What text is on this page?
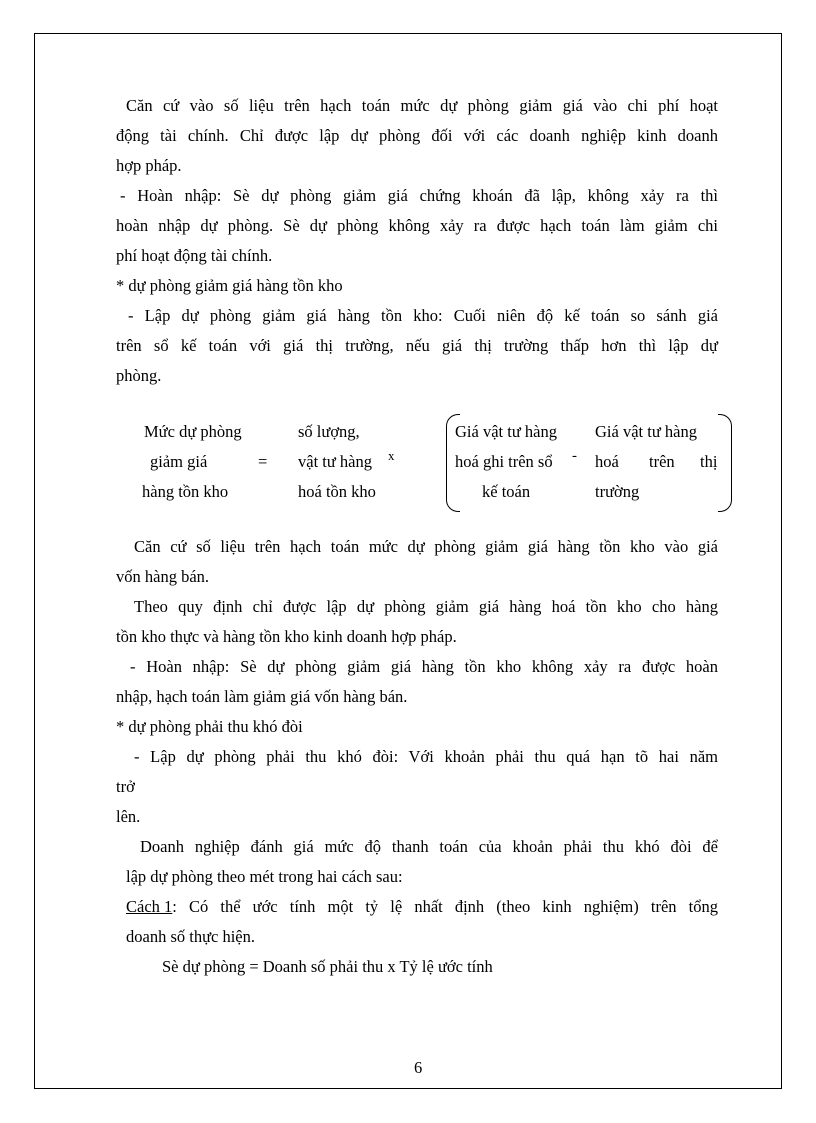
Căn cứ vào số liệu trên hạch toán mức dự phòng giảm giá vào chi phí hoạt
động tài chính. Chỉ được lập dự phòng đối với các doanh nghiệp kinh doanh
hợp pháp.
- Hoàn nhập: Sè dự phòng giảm giá chứng khoán đã lập, không xảy ra thì
hoàn nhập dự phòng. Sè dự phòng không xảy ra được hạch toán làm giảm chi
phí hoạt động tài chính.
* dự phòng giảm giá hàng tồn kho
- Lập dự phòng giảm giá hàng tồn kho: Cuối niên độ kế toán so sánh giá
trên sổ kế toán với giá thị trường, nếu giá thị trường thấp hơn thì lập dự
phòng.
Mức dự phòng
giảm giá
hàng tồn kho
=
số lượng,
vật tư hàng
hoá tồn kho
x
Giá vật tư hàng
hoá ghi trên sổ
kế toán
-
Giá vật tư hàng
hoá trên thị
trường
Căn cứ số liệu trên hạch toán mức dự phòng giảm giá hàng tồn kho vào giá
vốn hàng bán.
Theo quy định chỉ được lập dự phòng giảm giá hàng hoá tồn kho cho hàng
tồn kho thực và hàng tồn kho kinh doanh hợp pháp.
- Hoàn nhập: Sè dự phòng giảm giá hàng tồn kho không xảy ra được hoàn
nhập, hạch toán làm giảm giá vốn hàng bán.
* dự phòng phải thu khó đòi
- Lập dự phòng phải thu khó đòi: Với khoản phải thu quá hạn tõ hai năm
trở
lên.
Doanh nghiệp đánh giá mức độ thanh toán của khoản phải thu khó đòi để
lập dự phòng theo mét trong hai cách sau:
Cách 1 : Có thể ước tính một tỷ lệ nhất định (theo kinh nghiệm) trên tổng
doanh số thực hiện.
Sè dự phòng = Doanh số phải thu x Tỷ lệ ước tính
6
